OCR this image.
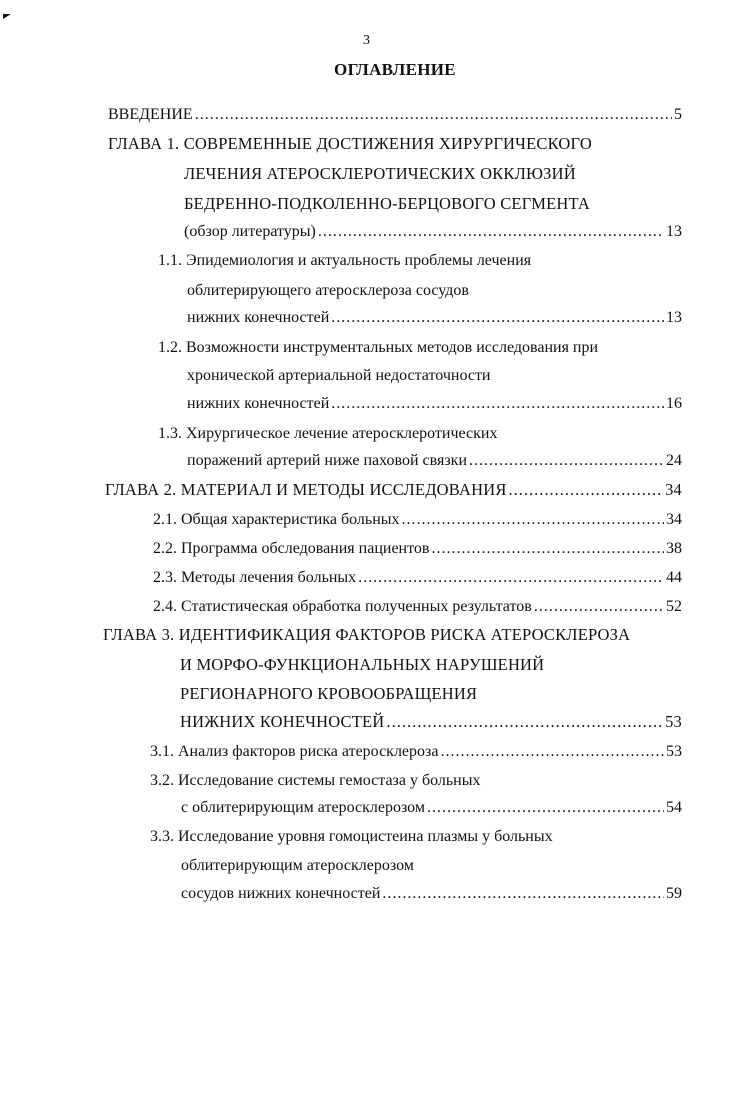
3
ОГЛАВЛЕНИЕ
ВВЕДЕНИЕ .....	5
ГЛАВА 1. СОВРЕМЕННЫЕ ДОСТИЖЕНИЯ ХИРУРГИЧЕСКОГО
ЛЕЧЕНИЯ АТЕРОСКЛЕРОТИЧЕСКИХ ОККЛЮЗИЙ
БЕДРЕННО-ПОДКОЛЕННО-БЕРЦОВОГО СЕГМЕНТА
(обзор литературы) .....	13
1.1. Эпидемиология и актуальность проблемы лечения
облитерирующего атеросклероза сосудов
нижних конечностей .....	13
1.2. Возможности инструментальных методов исследования при
хронической артериальной недостаточности
нижних конечностей .....	16
1.3. Хирургическое лечение атеросклеротических
поражений артерий ниже паховой связки .....	24
ГЛАВА 2. МАТЕРИАЛ И МЕТОДЫ ИССЛЕДОВАНИЯ .....	34
2.1. Общая характеристика больных .....	34
2.2. Программа обследования пациентов .....	38
2.3. Методы лечения больных .....	44
2.4. Статистическая обработка полученных результатов .....	52
ГЛАВА 3. ИДЕНТИФИКАЦИЯ ФАКТОРОВ РИСКА АТЕРОСКЛЕРОЗА
И МОРФО-ФУНКЦИОНАЛЬНЫХ НАРУШЕНИЙ
РЕГИОНАРНОГО КРОВООБРАЩЕНИЯ
НИЖНИХ КОНЕЧНОСТЕЙ .....	53
3.1. Анализ факторов риска атеросклероза .....	53
3.2. Исследование системы гемостаза у больных
с облитерирующим атеросклерозом .....	54
3.3. Исследование уровня гомоцистеина плазмы у больных
облитерирующим атеросклерозом
сосудов нижних конечностей .....	59
